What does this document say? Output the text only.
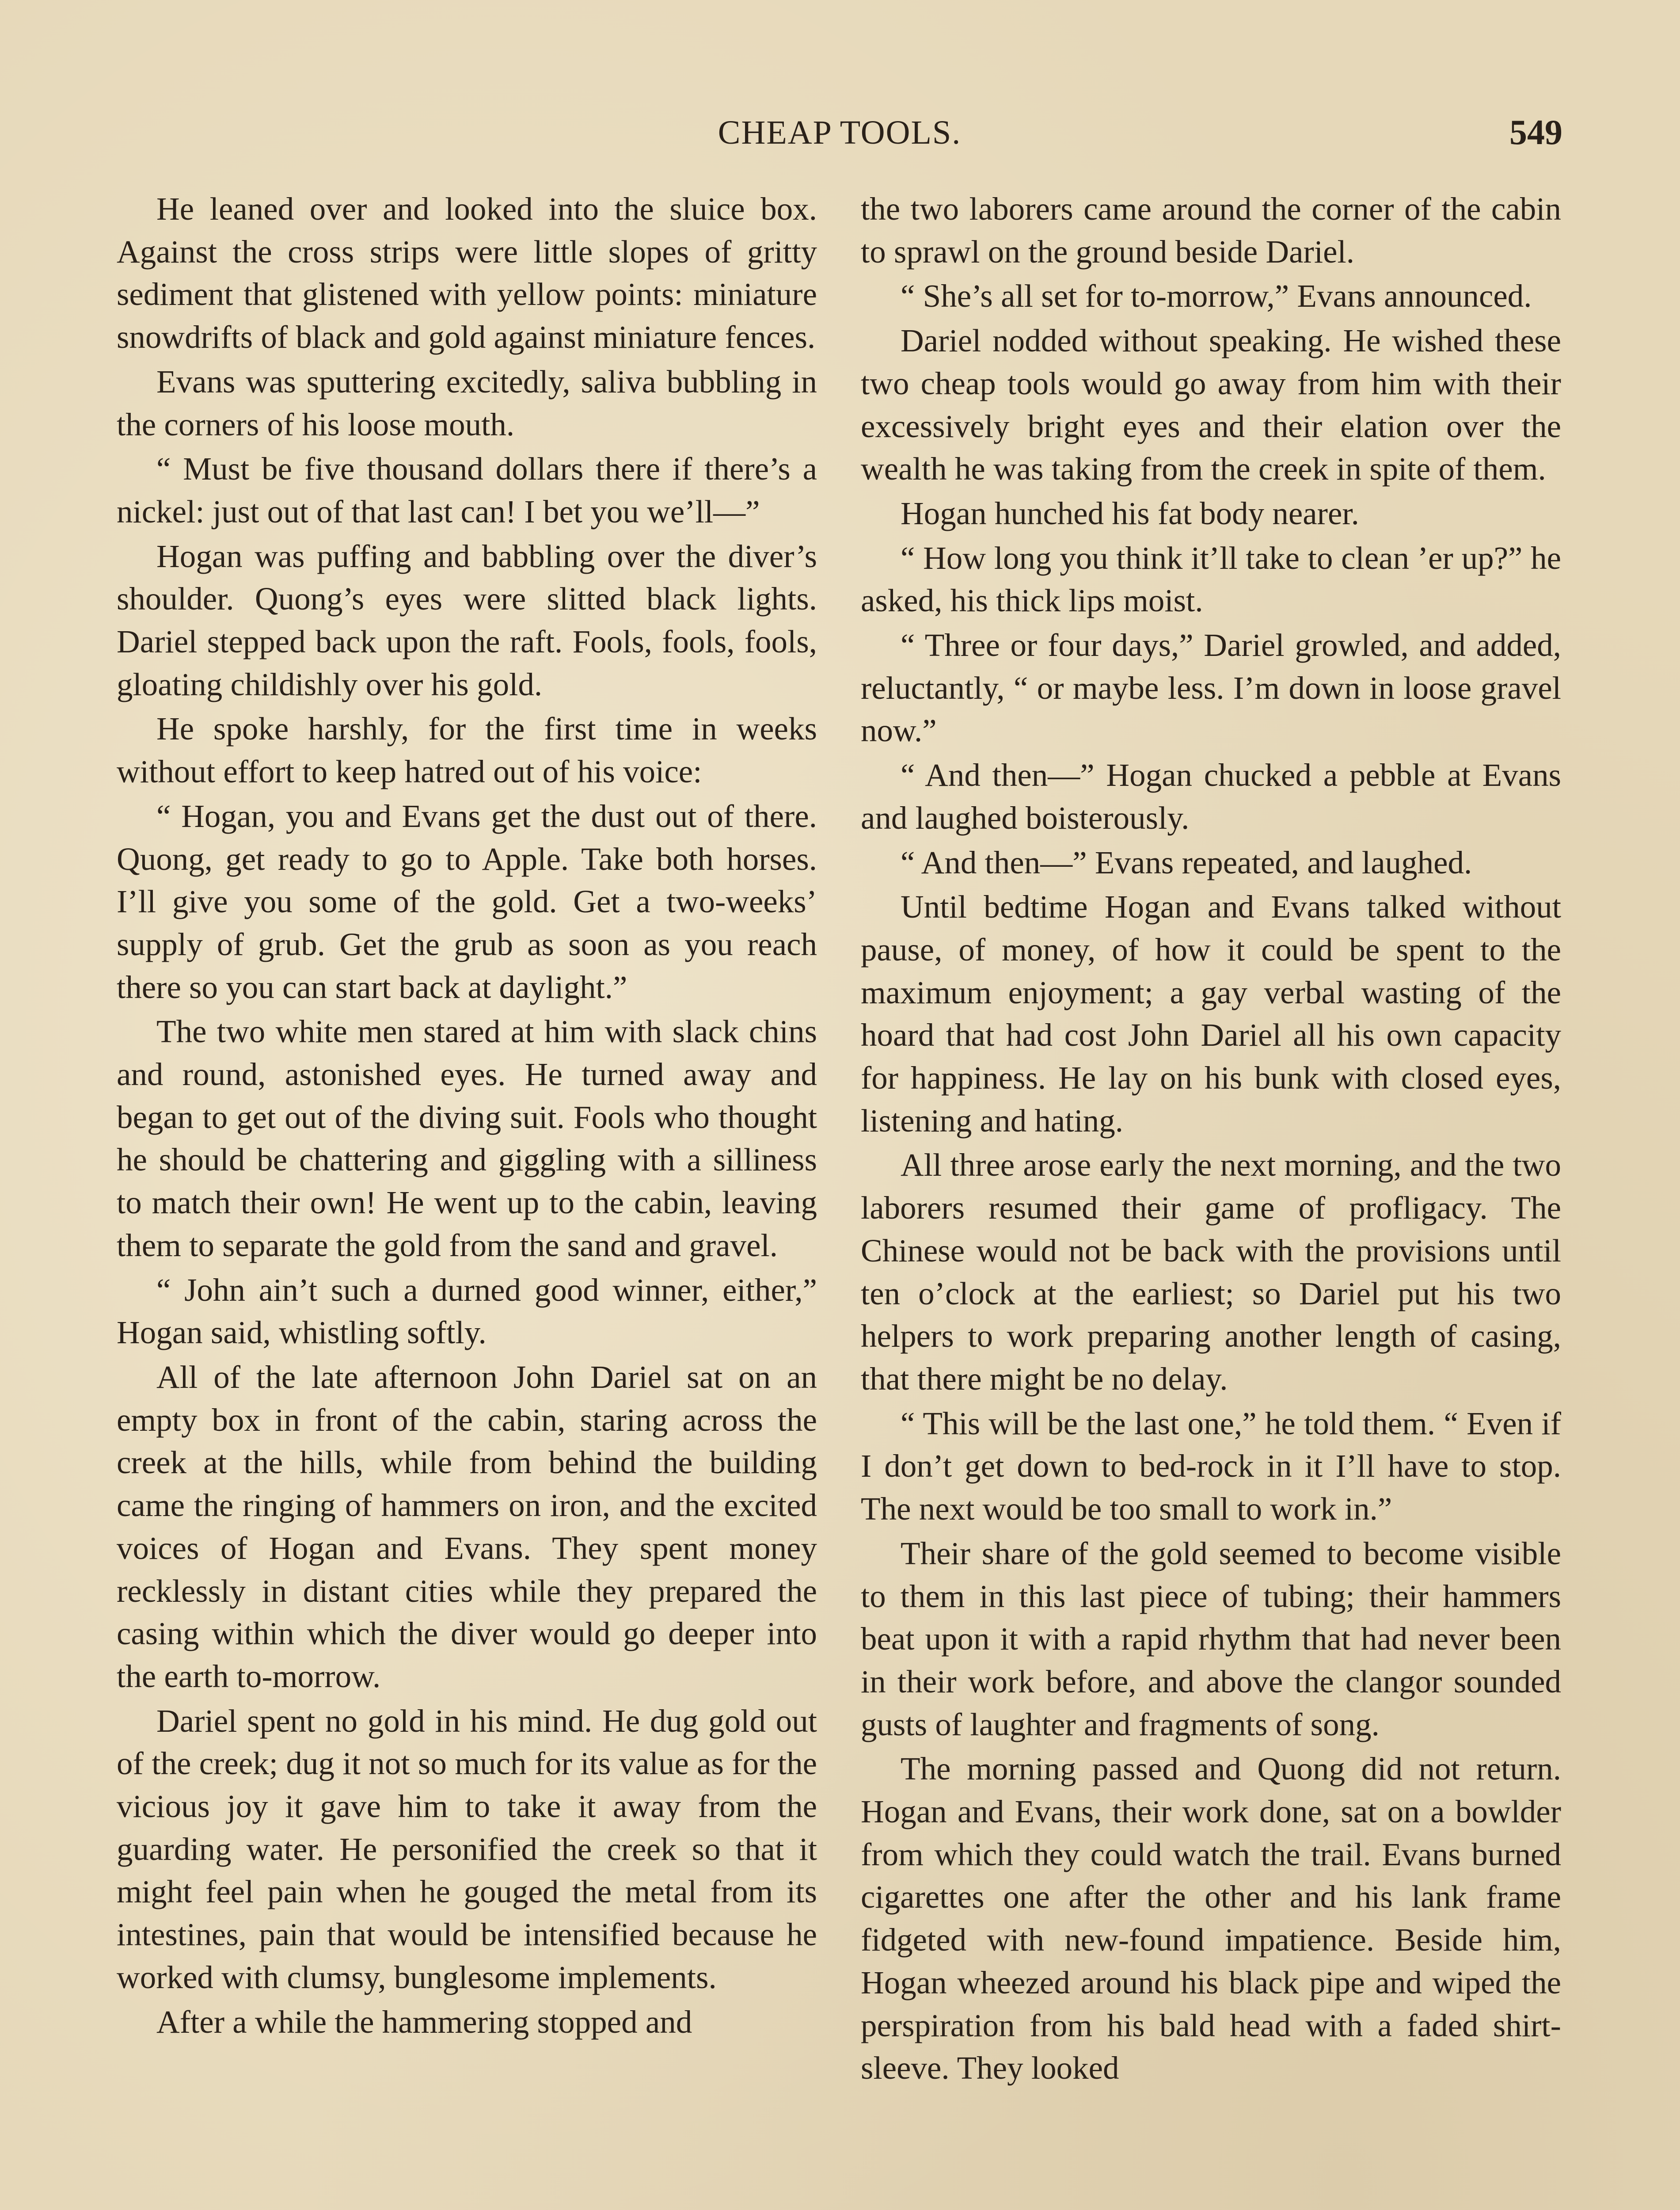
CHEAP TOOLS.	549

He leaned over and looked into the sluice box. Against the cross strips were little slopes of gritty sediment that glistened with yellow points: miniature snowdrifts of black and gold against miniature fences.

Evans was sputtering excitedly, saliva bubbling in the corners of his loose mouth.

“ Must be five thousand dollars there if there’s a nickel: just out of that last can! I bet you we’ll—”

Hogan was puffing and babbling over the diver’s shoulder. Quong’s eyes were slitted black lights. Dariel stepped back upon the raft. Fools, fools, fools, gloating childishly over his gold.

He spoke harshly, for the first time in weeks without effort to keep hatred out of his voice:

“ Hogan, you and Evans get the dust out of there. Quong, get ready to go to Apple. Take both horses. I’ll give you some of the gold. Get a two-weeks’ supply of grub. Get the grub as soon as you reach there so you can start back at daylight.”

The two white men stared at him with slack chins and round, astonished eyes. He turned away and began to get out of the diving suit. Fools who thought he should be chattering and giggling with a silliness to match their own! He went up to the cabin, leaving them to separate the gold from the sand and gravel.

“ John ain’t such a durned good winner, either,” Hogan said, whistling softly.

All of the late afternoon John Dariel sat on an empty box in front of the cabin, staring across the creek at the hills, while from behind the building came the ringing of hammers on iron, and the excited voices of Hogan and Evans. They spent money recklessly in distant cities while they prepared the casing within which the diver would go deeper into the earth to-morrow.

Dariel spent no gold in his mind. He dug gold out of the creek; dug it not so much for its value as for the vicious joy it gave him to take it away from the guarding water. He personified the creek so that it might feel pain when he gouged the metal from its intestines, pain that would be intensified because he worked with clumsy, bunglesome implements.

After a while the hammering stopped and

the two laborers came around the corner of the cabin to sprawl on the ground beside Dariel.

“ She’s all set for to-morrow,” Evans announced.

Dariel nodded without speaking. He wished these two cheap tools would go away from him with their excessively bright eyes and their elation over the wealth he was taking from the creek in spite of them.

Hogan hunched his fat body nearer.

“ How long you think it’ll take to clean ’er up?” he asked, his thick lips moist.

“ Three or four days,” Dariel growled, and added, reluctantly, “ or maybe less. I’m down in loose gravel now.”

“ And then—” Hogan chucked a pebble at Evans and laughed boisterously.

“ And then—” Evans repeated, and laughed.

Until bedtime Hogan and Evans talked without pause, of money, of how it could be spent to the maximum enjoyment; a gay verbal wasting of the hoard that had cost John Dariel all his own capacity for happiness. He lay on his bunk with closed eyes, listening and hating.

All three arose early the next morning, and the two laborers resumed their game of profligacy. The Chinese would not be back with the provisions until ten o’clock at the earliest; so Dariel put his two helpers to work preparing another length of casing, that there might be no delay.

“ This will be the last one,” he told them. “ Even if I don’t get down to bed-rock in it I’ll have to stop. The next would be too small to work in.”

Their share of the gold seemed to become visible to them in this last piece of tubing; their hammers beat upon it with a rapid rhythm that had never been in their work before, and above the clangor sounded gusts of laughter and fragments of song.

The morning passed and Quong did not return. Hogan and Evans, their work done, sat on a bowlder from which they could watch the trail. Evans burned cigarettes one after the other and his lank frame fidgeted with new-found impatience. Beside him, Hogan wheezed around his black pipe and wiped the perspiration from his bald head with a faded shirt-sleeve. They looked
